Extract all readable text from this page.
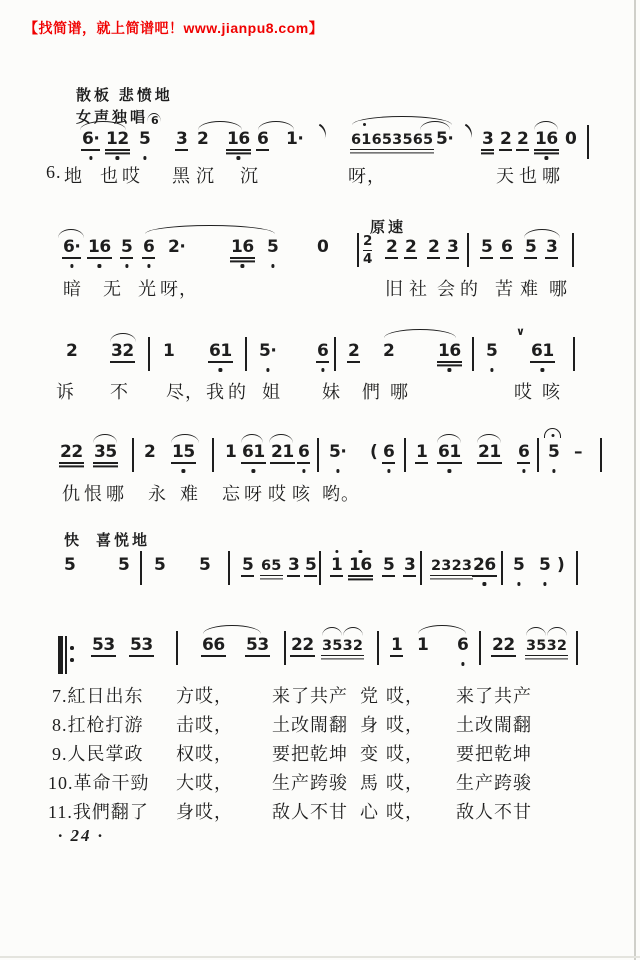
【找简谱，就上简谱吧！www.jianpu8.com】
散板 悲愤地
女声独唱
6· 12 5
6
3 2 16 6 1·	61653565 5· 3 2 2 16 0
6. 地 也 哎 黑 沉 沉	呀，	天 也 哪
原速
6· 16 5 6 2·	16 5 0	2
4
2 2 2 3 5 6 5 3
暗 无 光 呀，	旧 社 会 的 苦 难 哪
2 32 1 61 5· 6 2 2	16 5
∨
61
诉 不 尽， 我 的 姐 妹 們 哪	哎 咳
22 35 2 15 1 61 21 6 5· ( 6 1 61 21 6 5 –
仇 恨 哪 永 难 忘 呀 哎 咳 哟。
快 喜悦地
5	5 5 5 5 65 3 5 1 16 5 3 2323 26 5 5 )
53 53	66 53 22 3532 1 1 6 22 3532
7.紅日出东 方哎， 来了共产 党 哎， 来了共产
8.扛枪打游 击哎， 土改閙翻 身 哎， 土改閙翻
9.人民掌政 权哎， 要把乾坤 变 哎， 要把乾坤
10.革命干勁 大哎， 生产跨骏 馬 哎， 生产跨骏
11.我們翻了 身哎， 敌人不甘 心 哎， 敌人不甘
· 24 ·
